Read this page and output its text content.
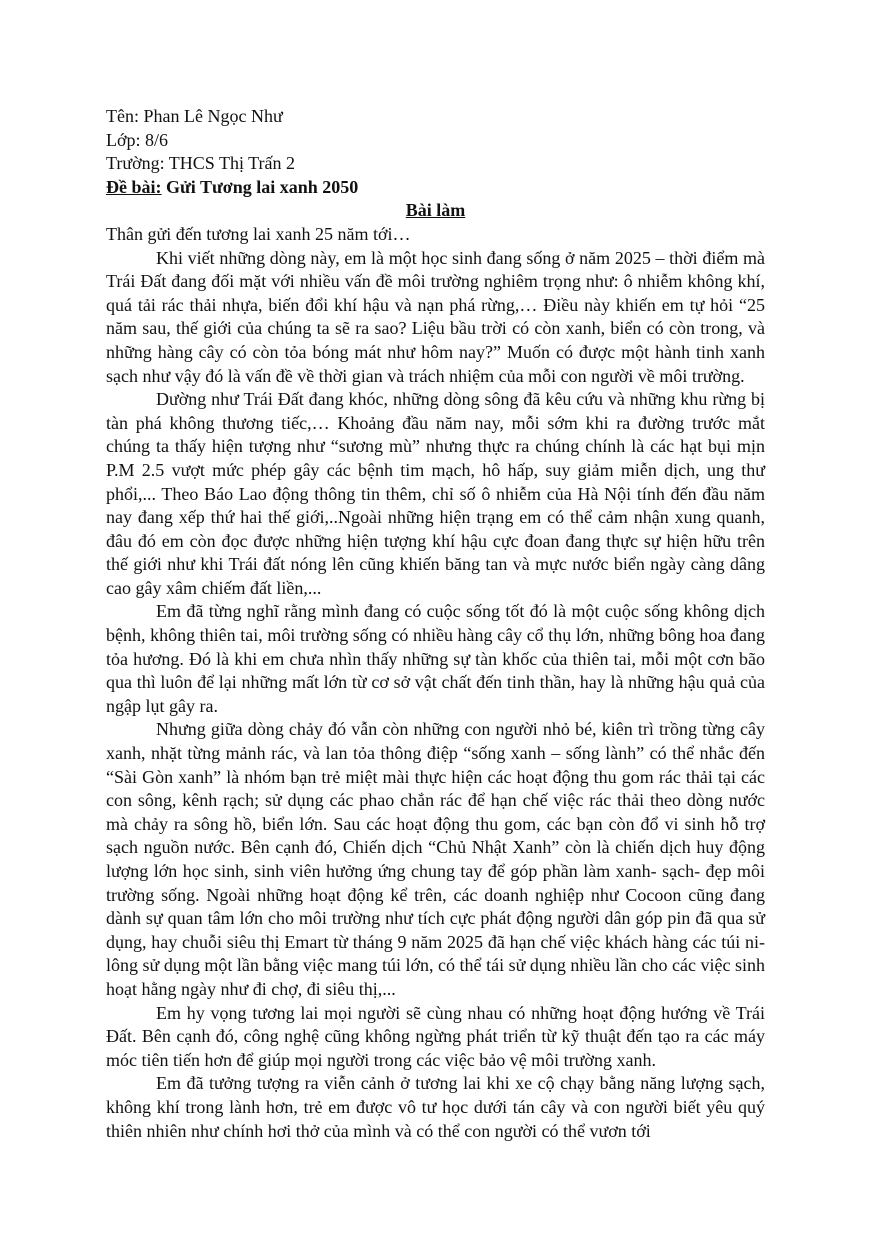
Tên: Phan Lê Ngọc Như

Lớp: 8/6

Trường: THCS Thị Trấn 2

Đề bài: Gửi Tương lai xanh 2050

Bài làm

Thân gửi đến tương lai xanh 25 năm tới…

Khi viết những dòng này, em là một học sinh đang sống ở năm 2025 – thời điểm mà Trái Đất đang đối mặt với nhiều vấn đề môi trường nghiêm trọng như: ô nhiễm không khí, quá tải rác thải nhựa, biến đổi khí hậu và nạn phá rừng,… Điều này khiến em tự hỏi “25 năm sau, thế giới của chúng ta sẽ ra sao? Liệu bầu trời có còn xanh, biển có còn trong, và những hàng cây có còn tỏa bóng mát như hôm nay?” Muốn có được một hành tinh xanh sạch như vậy đó là vấn đề về thời gian và trách nhiệm của mỗi con người về môi trường.

Dường như Trái Đất đang khóc, những dòng sông đã kêu cứu và những khu rừng bị tàn phá không thương tiếc,… Khoảng đầu năm nay, mỗi sớm khi ra đường trước mắt chúng ta thấy hiện tượng như “sương mù” nhưng thực ra chúng chính là các hạt bụi mịn P.M 2.5 vượt mức phép gây các bệnh tim mạch, hô hấp, suy giảm miễn dịch, ung thư phổi,... Theo Báo Lao động thông tin thêm, chỉ số ô nhiễm của Hà Nội tính đến đầu năm nay đang xếp thứ hai thế giới,..Ngoài những hiện trạng em có thể cảm nhận xung quanh, đâu đó em còn đọc được những hiện tượng khí hậu cực đoan đang thực sự hiện hữu trên thế giới như khi Trái đất nóng lên cũng khiến băng tan và mực nước biển ngày càng dâng cao gây xâm chiếm đất liền,...

Em đã từng nghĩ rằng mình đang có cuộc sống tốt đó là một cuộc sống không dịch bệnh, không thiên tai, môi trường sống có nhiều hàng cây cổ thụ lớn, những bông hoa đang tỏa hương. Đó là khi em chưa nhìn thấy những sự tàn khốc của thiên tai, mỗi một cơn bão qua thì luôn để lại những mất lớn từ cơ sở vật chất đến tinh thần, hay là những hậu quả của ngập lụt gây ra.

Nhưng giữa dòng chảy đó vẫn còn những con người nhỏ bé, kiên trì trồng từng cây xanh, nhặt từng mảnh rác, và lan tỏa thông điệp “sống xanh – sống lành” có thể nhắc đến “Sài Gòn xanh” là nhóm bạn trẻ miệt mài thực hiện các hoạt động thu gom rác thải tại các con sông, kênh rạch; sử dụng các phao chắn rác để hạn chế việc rác thải theo dòng nước mà chảy ra sông hồ, biển lớn. Sau các hoạt động thu gom, các bạn còn đổ vi sinh hỗ trợ sạch nguồn nước. Bên cạnh đó, Chiến dịch “Chủ Nhật Xanh” còn là chiến dịch huy động lượng lớn học sinh, sinh viên hưởng ứng chung tay để góp phần làm xanh- sạch- đẹp môi trường sống. Ngoài những hoạt động kể trên, các doanh nghiệp như Cocoon cũng đang dành sự quan tâm lớn cho môi trường như tích cực phát động người dân góp pin đã qua sử dụng, hay chuỗi siêu thị Emart từ tháng 9 năm 2025 đã hạn chế việc khách hàng các túi ni-lông sử dụng một lần bằng việc mang túi lớn, có thể tái sử dụng nhiều lần cho các việc sinh hoạt hằng ngày như đi chợ, đi siêu thị,...

Em hy vọng tương lai mọi người sẽ cùng nhau có những hoạt động hướng về Trái Đất. Bên cạnh đó, công nghệ cũng không ngừng phát triển từ kỹ thuật đến tạo ra các máy móc tiên tiến hơn để giúp mọi người trong các việc bảo vệ môi trường xanh.

Em đã tưởng tượng ra viễn cảnh ở tương lai khi xe cộ chạy bằng năng lượng sạch, không khí trong lành hơn, trẻ em được vô tư học dưới tán cây và con người biết yêu quý thiên nhiên như chính hơi thở của mình và có thể con người có thể vươn tới
